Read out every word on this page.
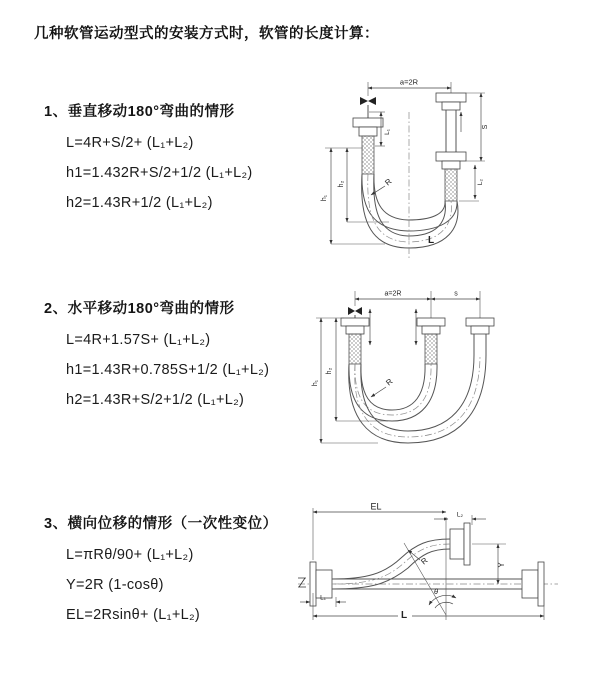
几种软管运动型式的安装方式时，软管的长度计算：
1、垂直移动180°弯曲的情形
L=4R+S/2+ (L₁+L₂)
h1=1.432R+S/2+1/2 (L₁+L₂)
h2=1.43R+1/2 (L₁+L₂)
2、水平移动180°弯曲的情形
L=4R+1.57S+ (L₁+L₂)
h1=1.43R+0.785S+1/2 (L₁+L₂)
h2=1.43R+S/2+1/2 (L₁+L₂)
3、横向位移的情形（一次性变位）
L=πRθ/90+ (L₁+L₂)
Y=2R (1-cosθ)
EL=2Rsinθ+ (L₁+L₂)
a=2R
L₁
S
L₂
h₂
h₁
R
L
a=2R	s
h₂
h₁	R
EL
L₂
Y
θ
R
L
L₁
